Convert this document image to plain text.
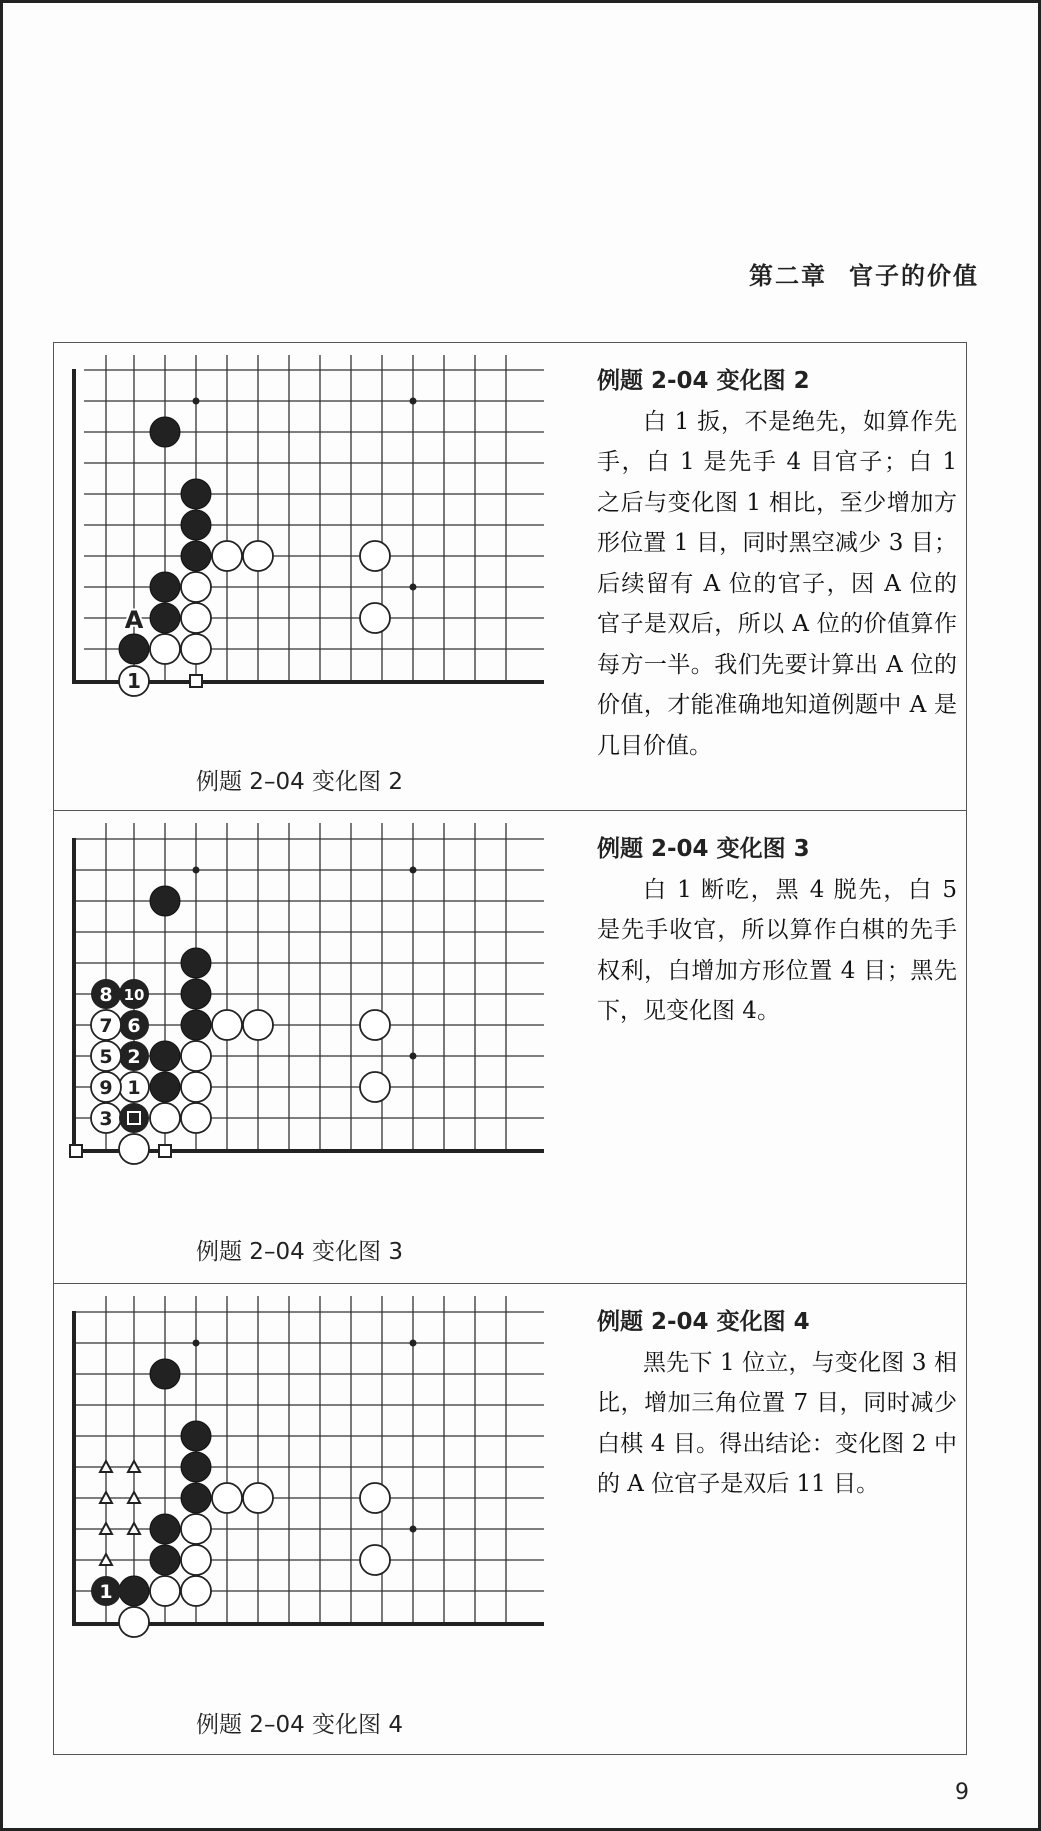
第二章 官子的价值
1
A
例题 2–04 变化图 2
例题 2-04 变化图 2

白 1 扳，不是绝先，如算作先手，白 1 是先手 4 目官子；白 1 之后与变化图 1 相比，至少增加方形位置 1 目，同时黑空减少 3 目；后续留有 A 位的官子，因 A 位的官子是双后，所以 A 位的价值算作每方一半。我们先要计算出 A 位的价值，才能准确地知道例题中 A 是几目价值。

1
2
3
5
6
7
8
9
10
例题 2–04 变化图 3
例题 2-04 变化图 3

白 1 断吃，黑 4 脱先，白 5 是先手收官，所以算作白棋的先手权利，白增加方形位置 4 目；黑先下，见变化图 4。

1
例题 2–04 变化图 4
例题 2-04 变化图 4

黑先下 1 位立，与变化图 3 相比，增加三角位置 7 目，同时减少白棋 4 目。得出结论：变化图 2 中的 A 位官子是双后 11 目。

9
